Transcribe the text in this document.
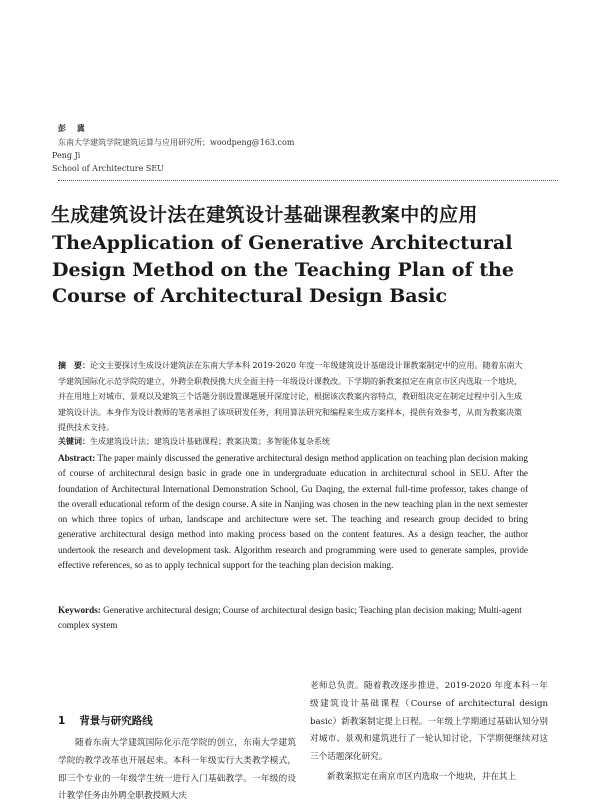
彭 冀
东南大学建筑学院建筑运算与应用研究所；woodpeng@163.com
Peng Ji
School of Architecture SEU
生成建筑设计法在建筑设计基础课程教案中的应用
TheApplication of Generative Architectural Design Method on the Teaching Plan of the Course of Architectural Design Basic
摘　要：论文主要探讨生成设计建筑法在东南大学本科 2019-2020 年度一年级建筑设计基础设计课教案制定中的应用。随着东南大学建筑国际化示范学院的建立，外聘全职教授携大庆全面主持一年级设计课教改。下学期的新教案拟定在南京市区内选取一个地块，并在用地上对城市、景观以及建筑三个话题分别设置课题展开深度讨论，根据该次教案内容特点，教研组决定在制定过程中引入生成建筑设计法。本身作为设计教师的笔者承担了该项研发任务，利用算法研究和编程来生成方案样本，提供有效参考，从而为教案决策提供技术支持。
关键词：生成建筑设计法；建筑设计基础课程；教案决策；多智能体复杂系统
Abstract: The paper mainly discussed the generative architectural design method application on teaching plan decision making of course of architectural design basic in grade one in undergraduate education in architectural school in SEU. After the foundation of Architectural International Demonstration School, Gu Daqing, the external full-time professor, takes change of the overall educational reform of the design course. A site in Nanjing was chosen in the new teaching plan in the next semester on which three topics of urban, landscape and architecture were set. The teaching and research group decided to bring generative architectural design method into making process based on the content features. As a design teacher, the author undertook the research and development task. Algorithm research and programming were used to generate samples, provide effective references, so as to apply technical support for the teaching plan decision making.
Keywords: Generative architectural design; Course of architectural design basic; Teaching plan decision making; Multi-agent complex system
1 背景与研究路线

随着东南大学建筑国际化示范学院的创立，东南大学建筑学院的教学改革也开展起来。本科一年级实行大类教学模式，即三个专业的一年级学生统一进行入门基础教学。一年级的设计教学任务由外聘全职教授顾大庆

老师总负责。随着教改逐步推进，2019-2020 年度本科一年级建筑设计基础课程（Course of architectural design basic）新教案制定提上日程。一年级上学期通过基础认知分别对城市、景观和建筑进行了一轮认知讨论，下学期便继续对这三个话题深化研究。

新教案拟定在南京市区内选取一个地块，并在其上
